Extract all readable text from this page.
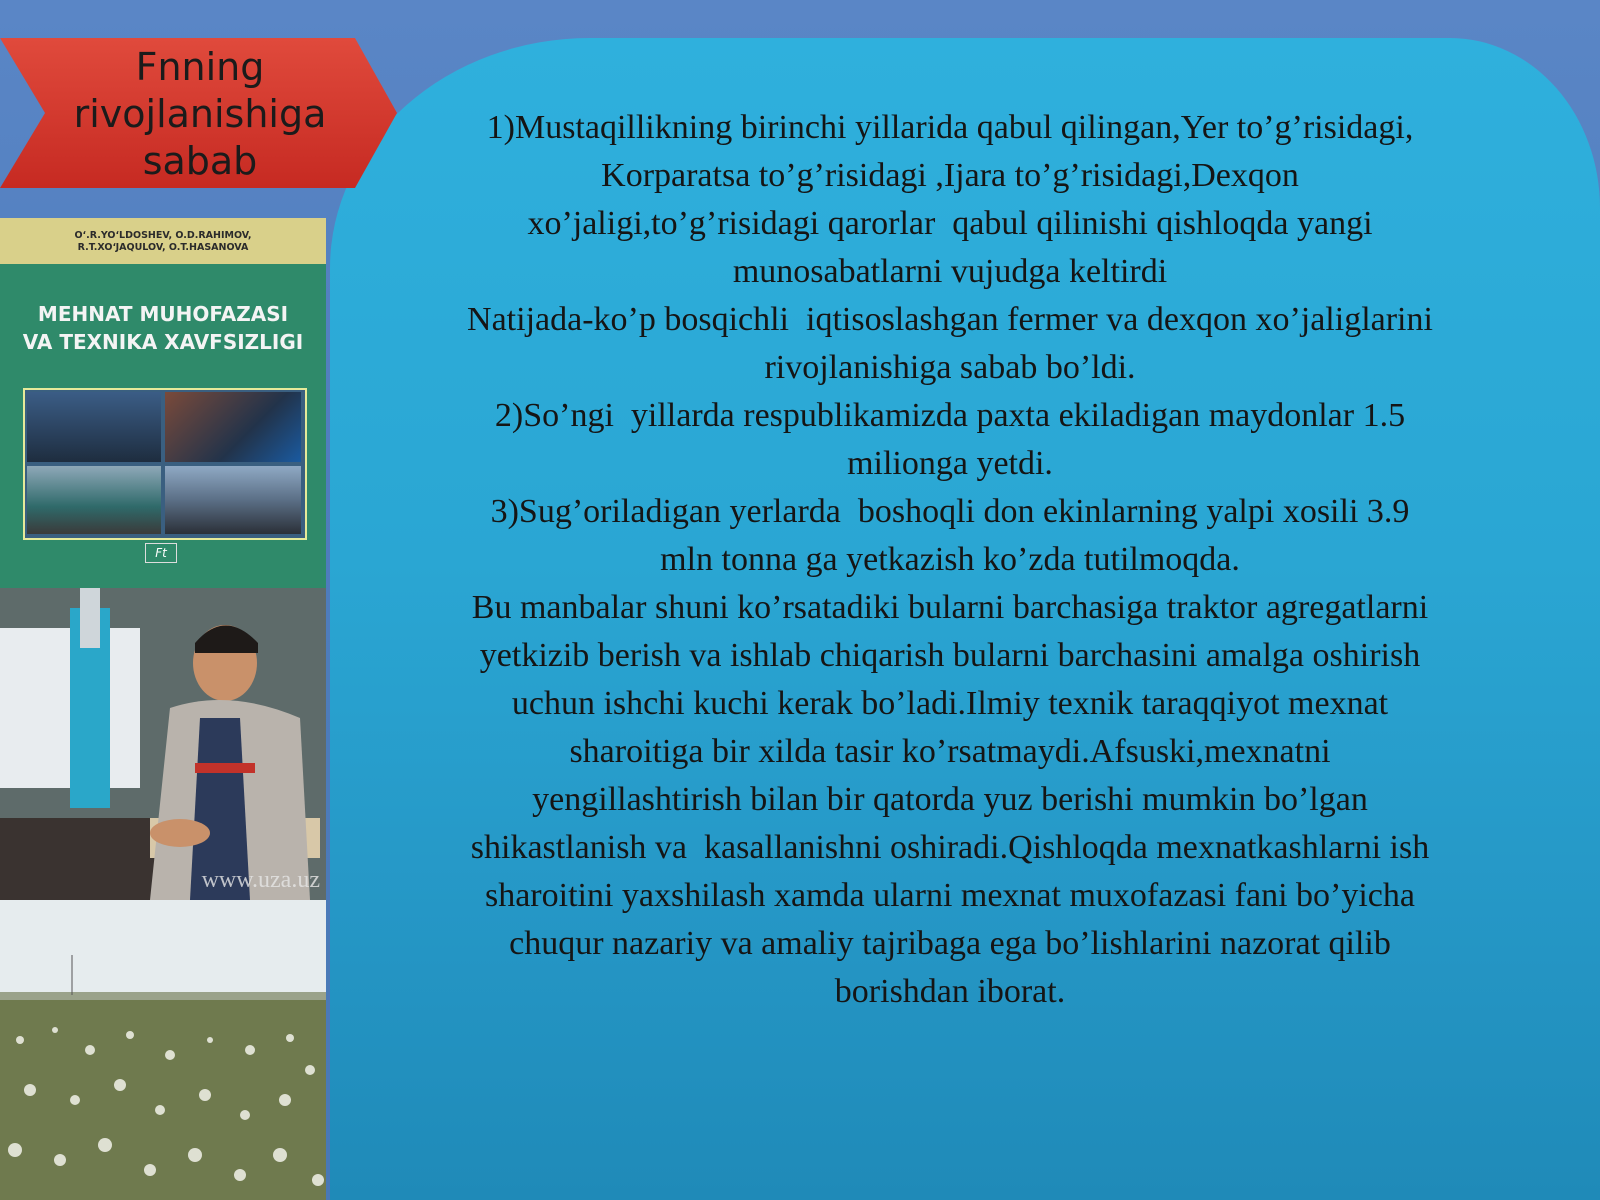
Fnning rivojlanishiga sabab
O‘.R.YO‘LDOSHEV, O.D.RAHIMOV,
R.T.XO‘JAQULOV, O.T.HASANOVA
MEHNAT MUHOFAZASI
VA TEXNIKA XAVFSIZLIGI
Ft
www.uza.uz
1)Mustaqillikning birinchi yillarida qabul qilingan,Yer to’g’risidagi,
Korparatsa to’g’risidagi ,Ijara to’g’risidagi,Dexqon
xo’jaligi,to’g’risidagi qarorlar  qabul qilinishi qishloqda yangi
munosabatlarni vujudga keltirdi
Natijada-ko’p bosqichli  iqtisoslashgan fermer va dexqon xo’jaliglarini
rivojlanishiga sabab bo’ldi.
2)So’ngi  yillarda respublikamizda paxta ekiladigan maydonlar 1.5
milionga yetdi.
3)Sug’oriladigan yerlarda  boshoqli don ekinlarning yalpi xosili 3.9
mln tonna ga yetkazish ko’zda tutilmoqda.
Bu manbalar shuni ko’rsatadiki bularni barchasiga traktor agregatlarni
yetkizib berish va ishlab chiqarish bularni barchasini amalga oshirish
uchun ishchi kuchi kerak bo’ladi.Ilmiy texnik taraqqiyot mexnat
sharoitiga bir xilda tasir ko’rsatmaydi.Afsuski,mexnatni
yengillashtirish bilan bir qatorda yuz berishi mumkin bo’lgan
shikastlanish va  kasallanishni oshiradi.Qishloqda mexnatkashlarni ish
sharoitini yaxshilash xamda ularni mexnat muxofazasi fani bo’yicha
chuqur nazariy va amaliy tajribaga ega bo’lishlarini nazorat qilib
borishdan iborat.
